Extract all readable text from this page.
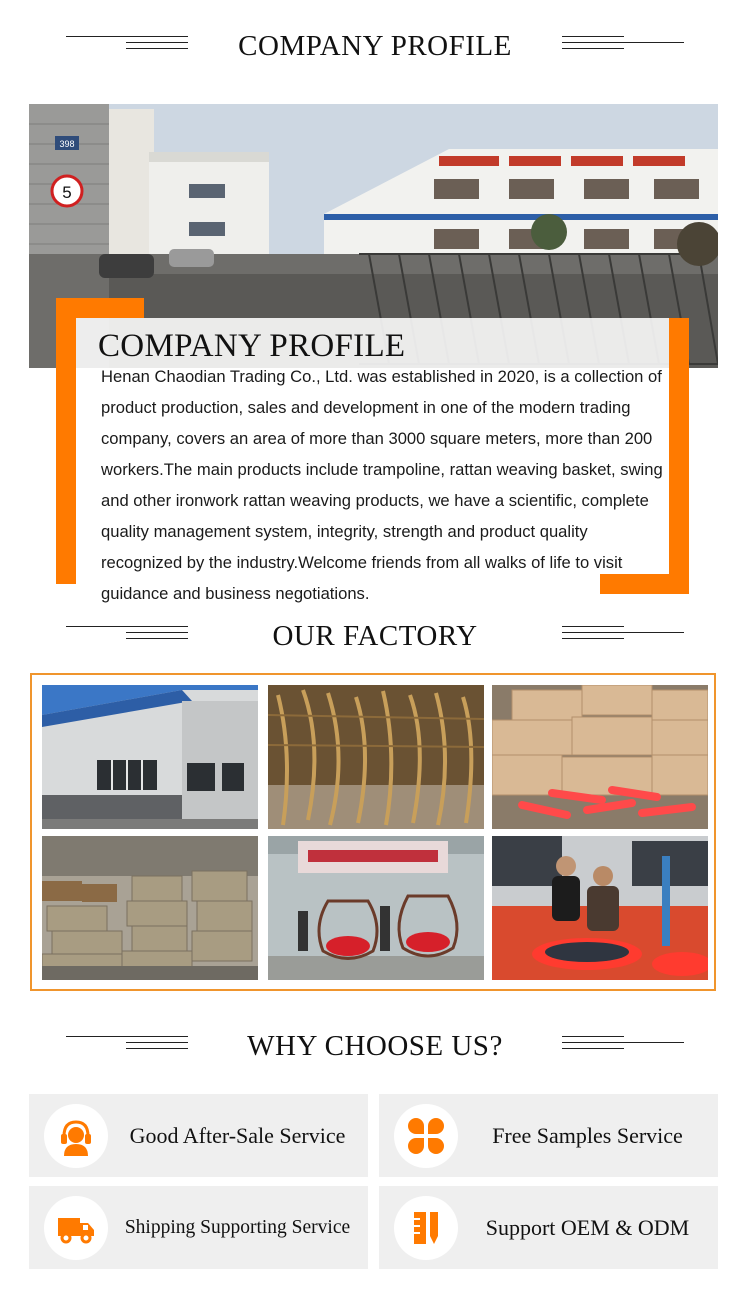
COMPANY PROFILE
398
5
COMPANY PROFILE
Henan Chaodian Trading Co., Ltd. was established in 2020, is a collection of product production, sales and development in one of the modern trading company, covers an area of more than 3000 square meters, more than 200 workers.The main products include trampoline, rattan weaving basket, swing and other ironwork rattan weaving products, we have a scientific, complete quality management system, integrity, strength and product quality recognized by the industry.Welcome friends from all walks of life to visit guidance and business negotiations.
OUR FACTORY
WHY CHOOSE US?
Good After-Sale Service	Free Samples Service
Shipping Supporting Service	Support OEM & ODM
